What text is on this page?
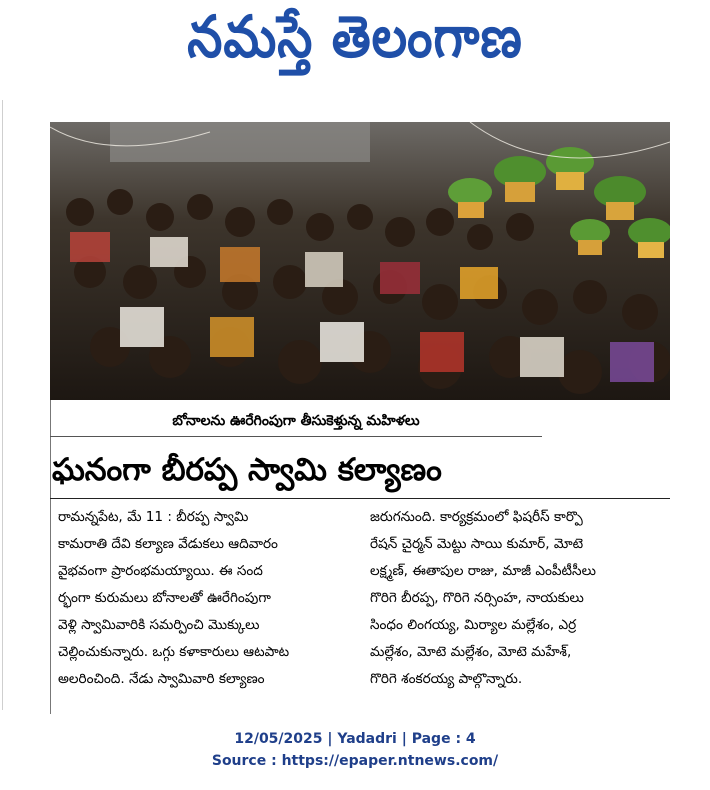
నమస్తే తెలంగాణ
బోనాలను ఊరేగింపుగా తీసుకెళ్తున్న మహిళలు
ఘనంగా బీరప్ప స్వామి కల్యాణం
రామన్నపేట, మే 11 : బీరప్ప స్వామి
కామరాతి దేవి కల్యాణ వేడుకలు ఆదివారం
వైభవంగా ప్రారంభమయ్యాయి. ఈ సంద
ర్భంగా కురుమలు బోనాలతో ఊరేగింపుగా
వెళ్లి స్వామివారికి సమర్పించి మొక్కులు
చెల్లించుకున్నారు. ఒగ్గు కళాకారులు ఆటపాట
అలరించింది. నేడు స్వామివారి కల్యాణం
జరుగనుంది. కార్యక్రమంలో ఫిషరీస్ కార్పొ
రేషన్ చైర్మన్ మెట్టు సాయి కుమార్, మోటె
లక్ష్మణ్, ఈతాపుల రాజు, మాజీ ఎంపీటీసీలు
గొరిగె బీరప్ప, గొరిగె నర్సింహ, నాయకులు
సింధం లింగయ్య, మిర్యాల మల్లేశం, ఎర్ర
మల్లేశం, మోటె మల్లేశం, మోటె మహేశ్,
గొరిగె శంకరయ్య పాల్గొన్నారు.
12/05/2025 | Yadadri | Page : 4
Source : https://epaper.ntnews.com/
